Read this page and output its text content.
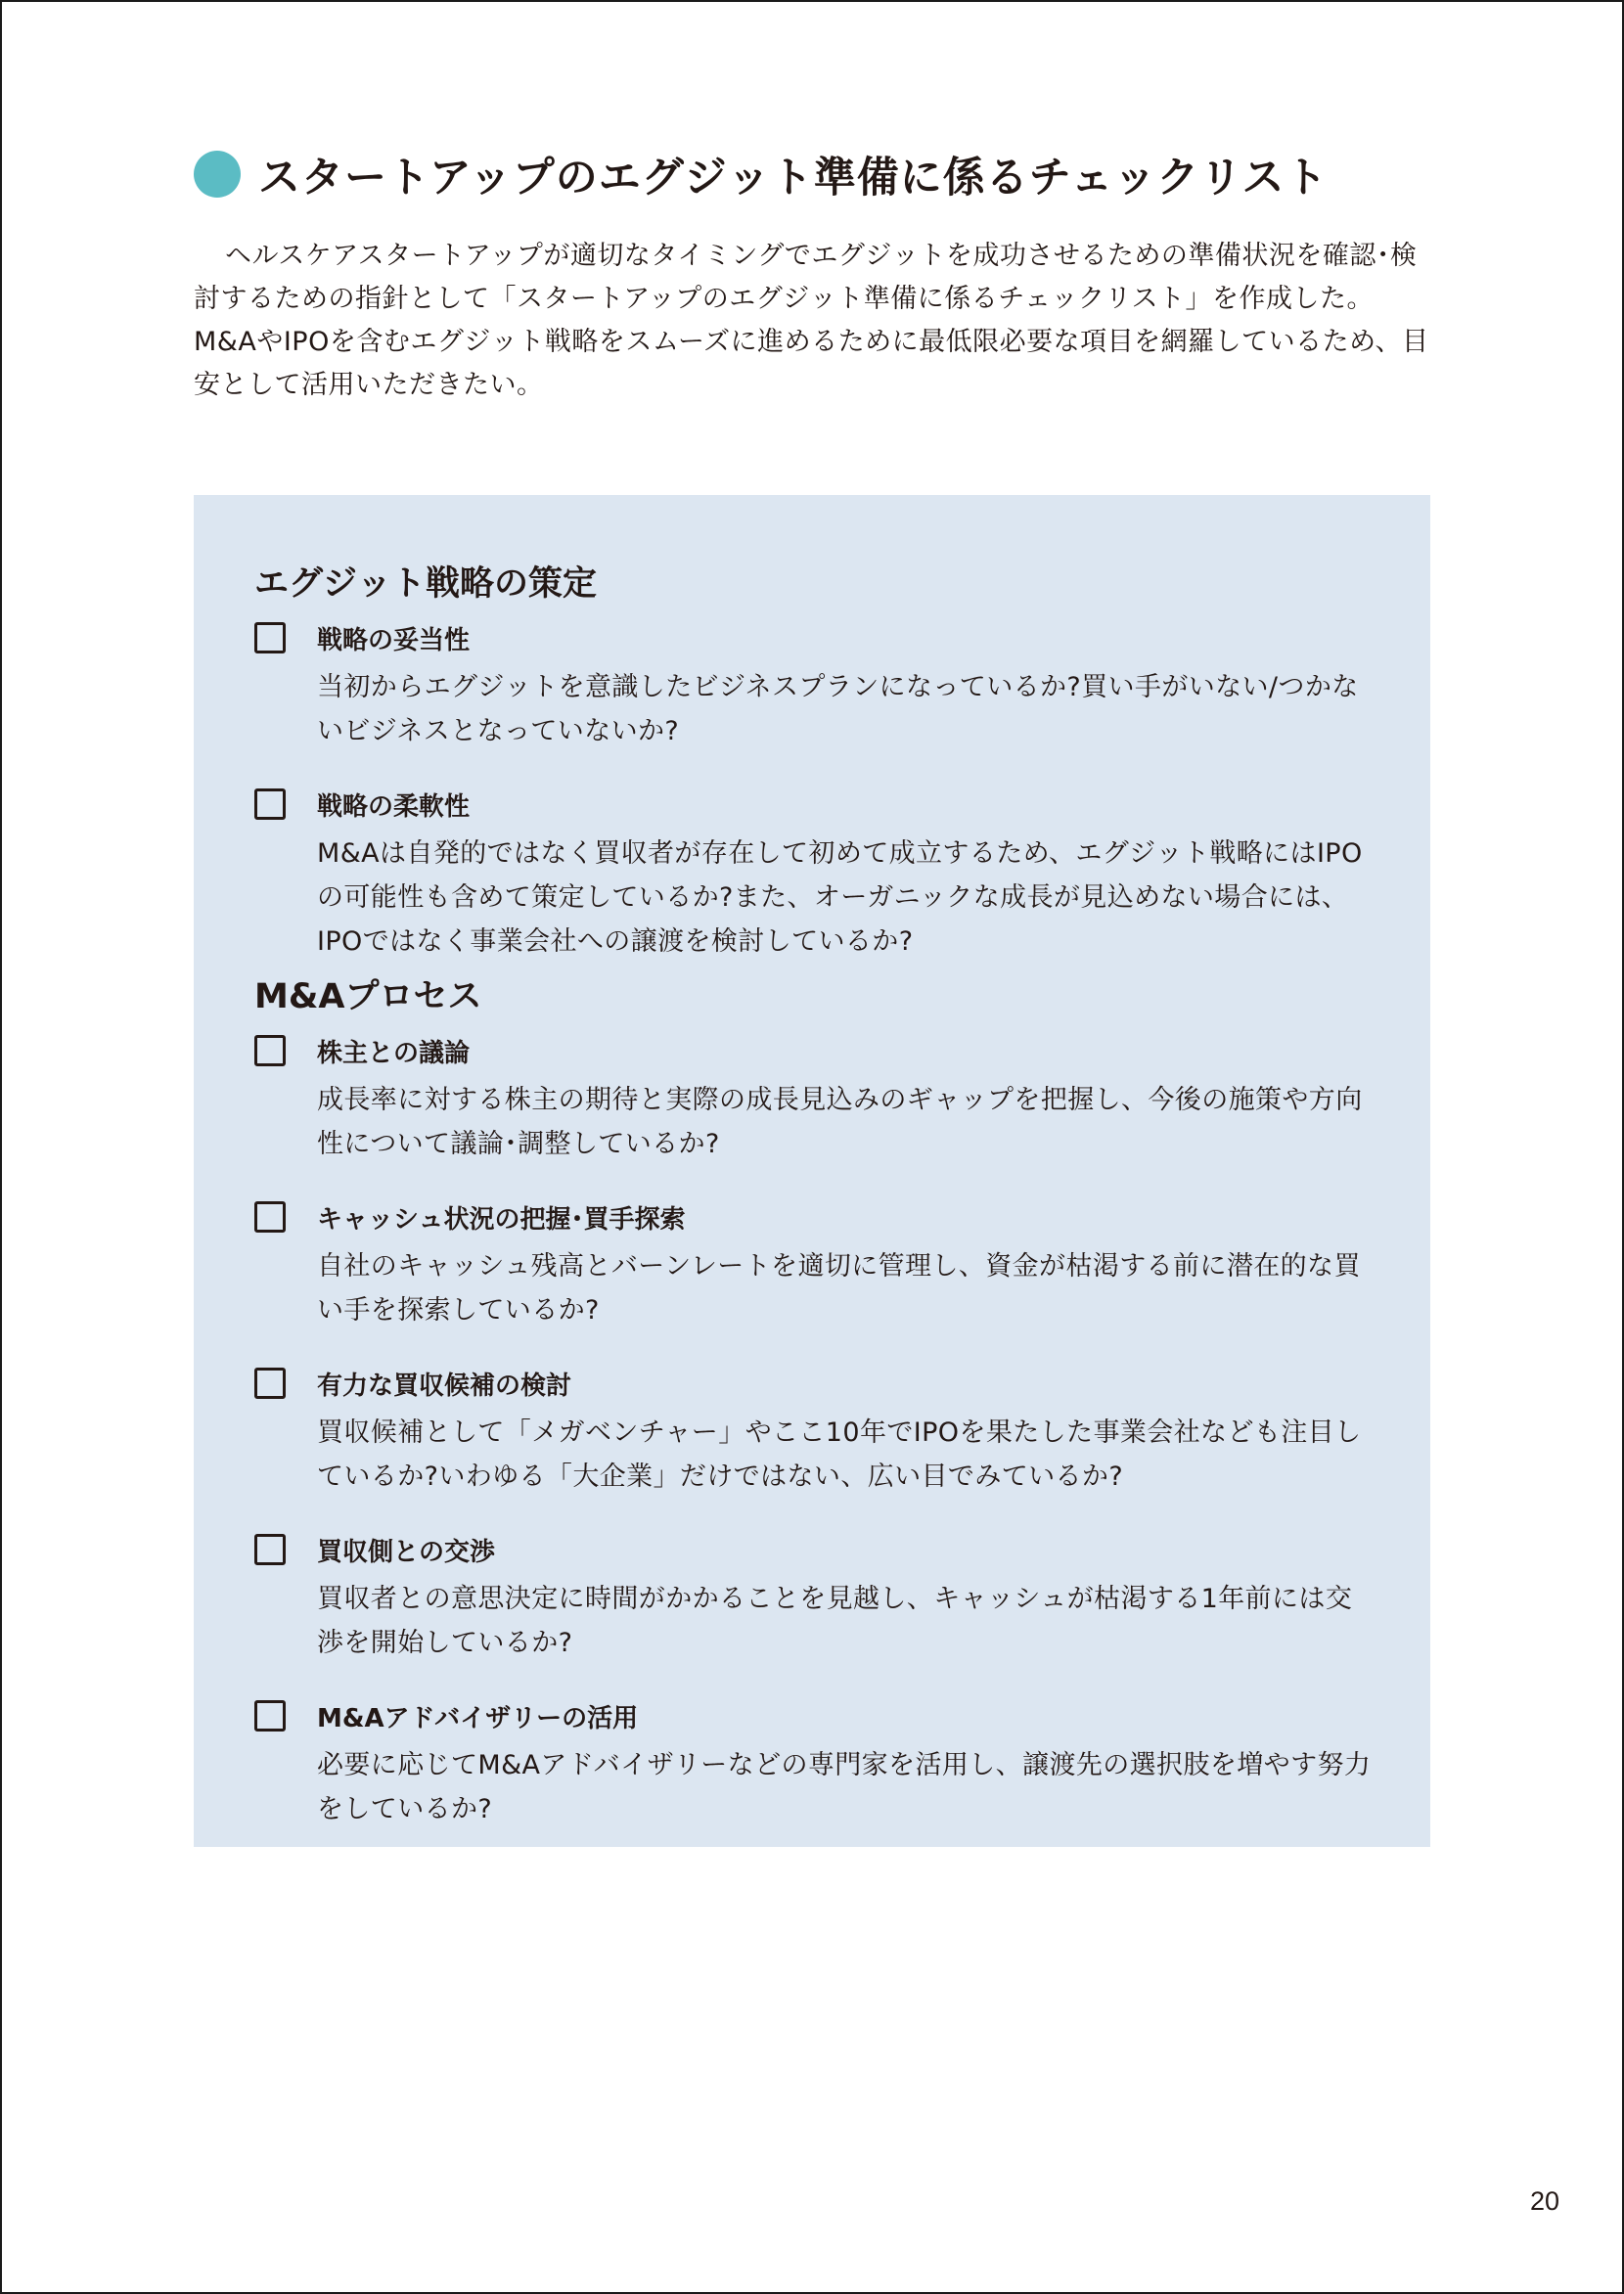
スタートアップのエグジット準備に係るチェックリスト

ヘルスケアスタートアップが適切なタイミングでエグジットを成功させるための準備状況を確認･検討するための指針として「スタートアップのエグジット準備に係るチェックリスト」を作成した。M&AやIPOを含むエグジット戦略をスムーズに進めるために最低限必要な項目を網羅しているため、目安として活用いただきたい。

エグジット戦略の策定
戦略の妥当性
当初からエグジットを意識したビジネスプランになっているか?買い手がいない/つかないビジネスとなっていないか?
戦略の柔軟性
M&Aは自発的ではなく買収者が存在して初めて成立するため、エグジット戦略にはIPOの可能性も含めて策定しているか?また、オーガニックな成長が見込めない場合には、IPOではなく事業会社への譲渡を検討しているか?
M&Aプロセス
株主との議論
成長率に対する株主の期待と実際の成長見込みのギャップを把握し、今後の施策や方向性について議論･調整しているか?
キャッシュ状況の把握･買手探索
自社のキャッシュ残高とバーンレートを適切に管理し、資金が枯渇する前に潜在的な買い手を探索しているか?
有力な買収候補の検討
買収候補として「メガベンチャー」やここ10年でIPOを果たした事業会社なども注目しているか?いわゆる「大企業」だけではない、広い目でみているか?
買収側との交渉
買収者との意思決定に時間がかかることを見越し、キャッシュが枯渇する1年前には交渉を開始しているか?
M&Aアドバイザリーの活用
必要に応じてM&Aアドバイザリーなどの専門家を活用し、譲渡先の選択肢を増やす努力をしているか?
20
